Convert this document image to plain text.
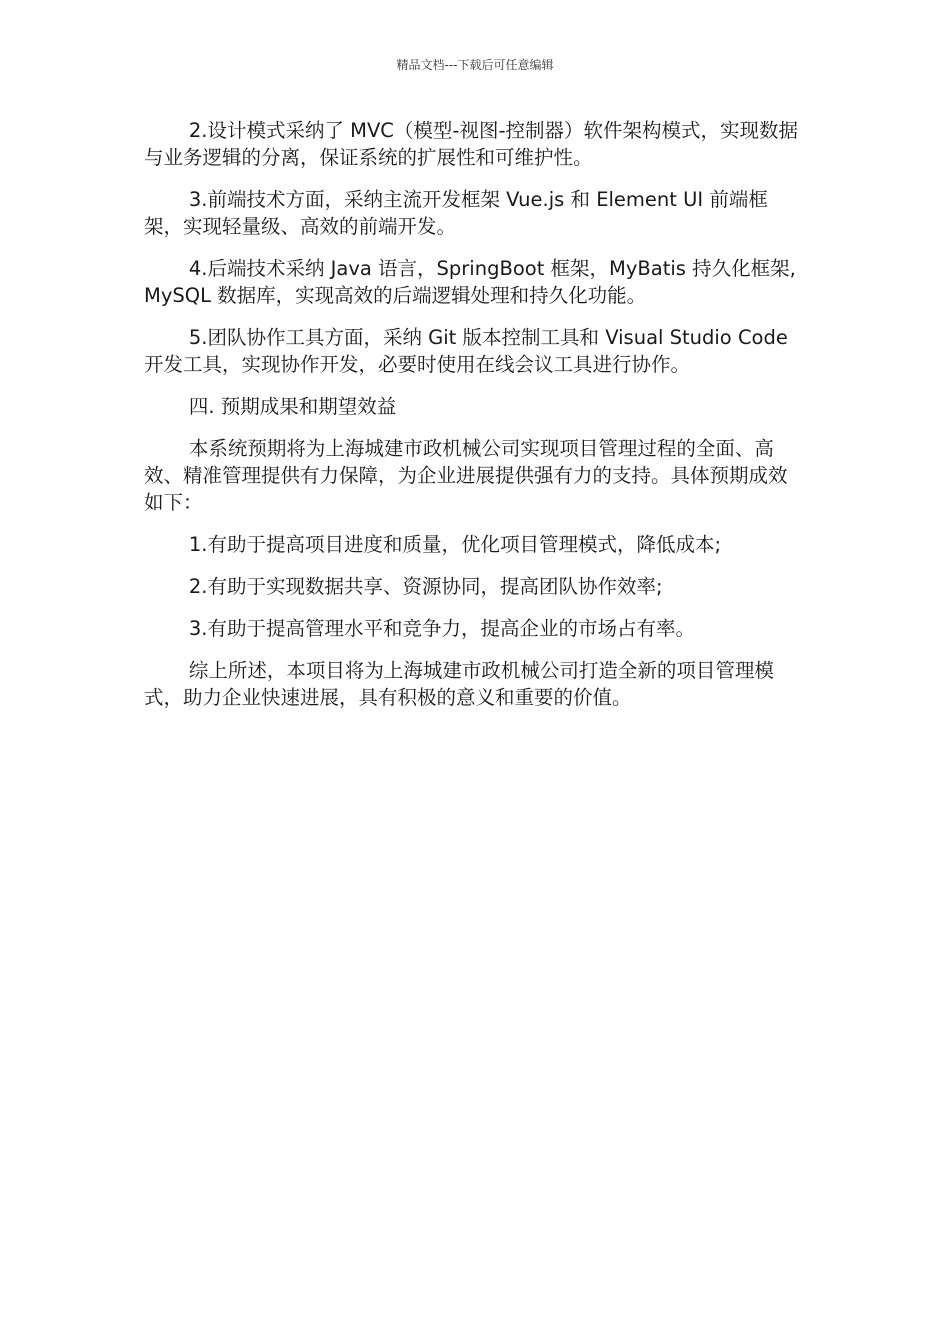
精品文档---下载后可任意编辑

2.设计模式采纳了 MVC（模型-视图-控制器）软件架构模式，实现数据与业务逻辑的分离，保证系统的扩展性和可维护性。

3.前端技术方面，采纳主流开发框架 Vue.js 和 Element UI 前端框架，实现轻量级、高效的前端开发。

4.后端技术采纳 Java 语言，SpringBoot 框架，MyBatis 持久化框架,MySQL 数据库，实现高效的后端逻辑处理和持久化功能。

5.团队协作工具方面，采纳 Git 版本控制工具和 Visual Studio Code 开发工具，实现协作开发，必要时使用在线会议工具进行协作。

四. 预期成果和期望效益

本系统预期将为上海城建市政机械公司实现项目管理过程的全面、高效、精准管理提供有力保障，为企业进展提供强有力的支持。具体预期成效如下：

1.有助于提高项目进度和质量，优化项目管理模式，降低成本;

2.有助于实现数据共享、资源协同，提高团队协作效率;

3.有助于提高管理水平和竞争力，提高企业的市场占有率。

综上所述，本项目将为上海城建市政机械公司打造全新的项目管理模式，助力企业快速进展，具有积极的意义和重要的价值。
